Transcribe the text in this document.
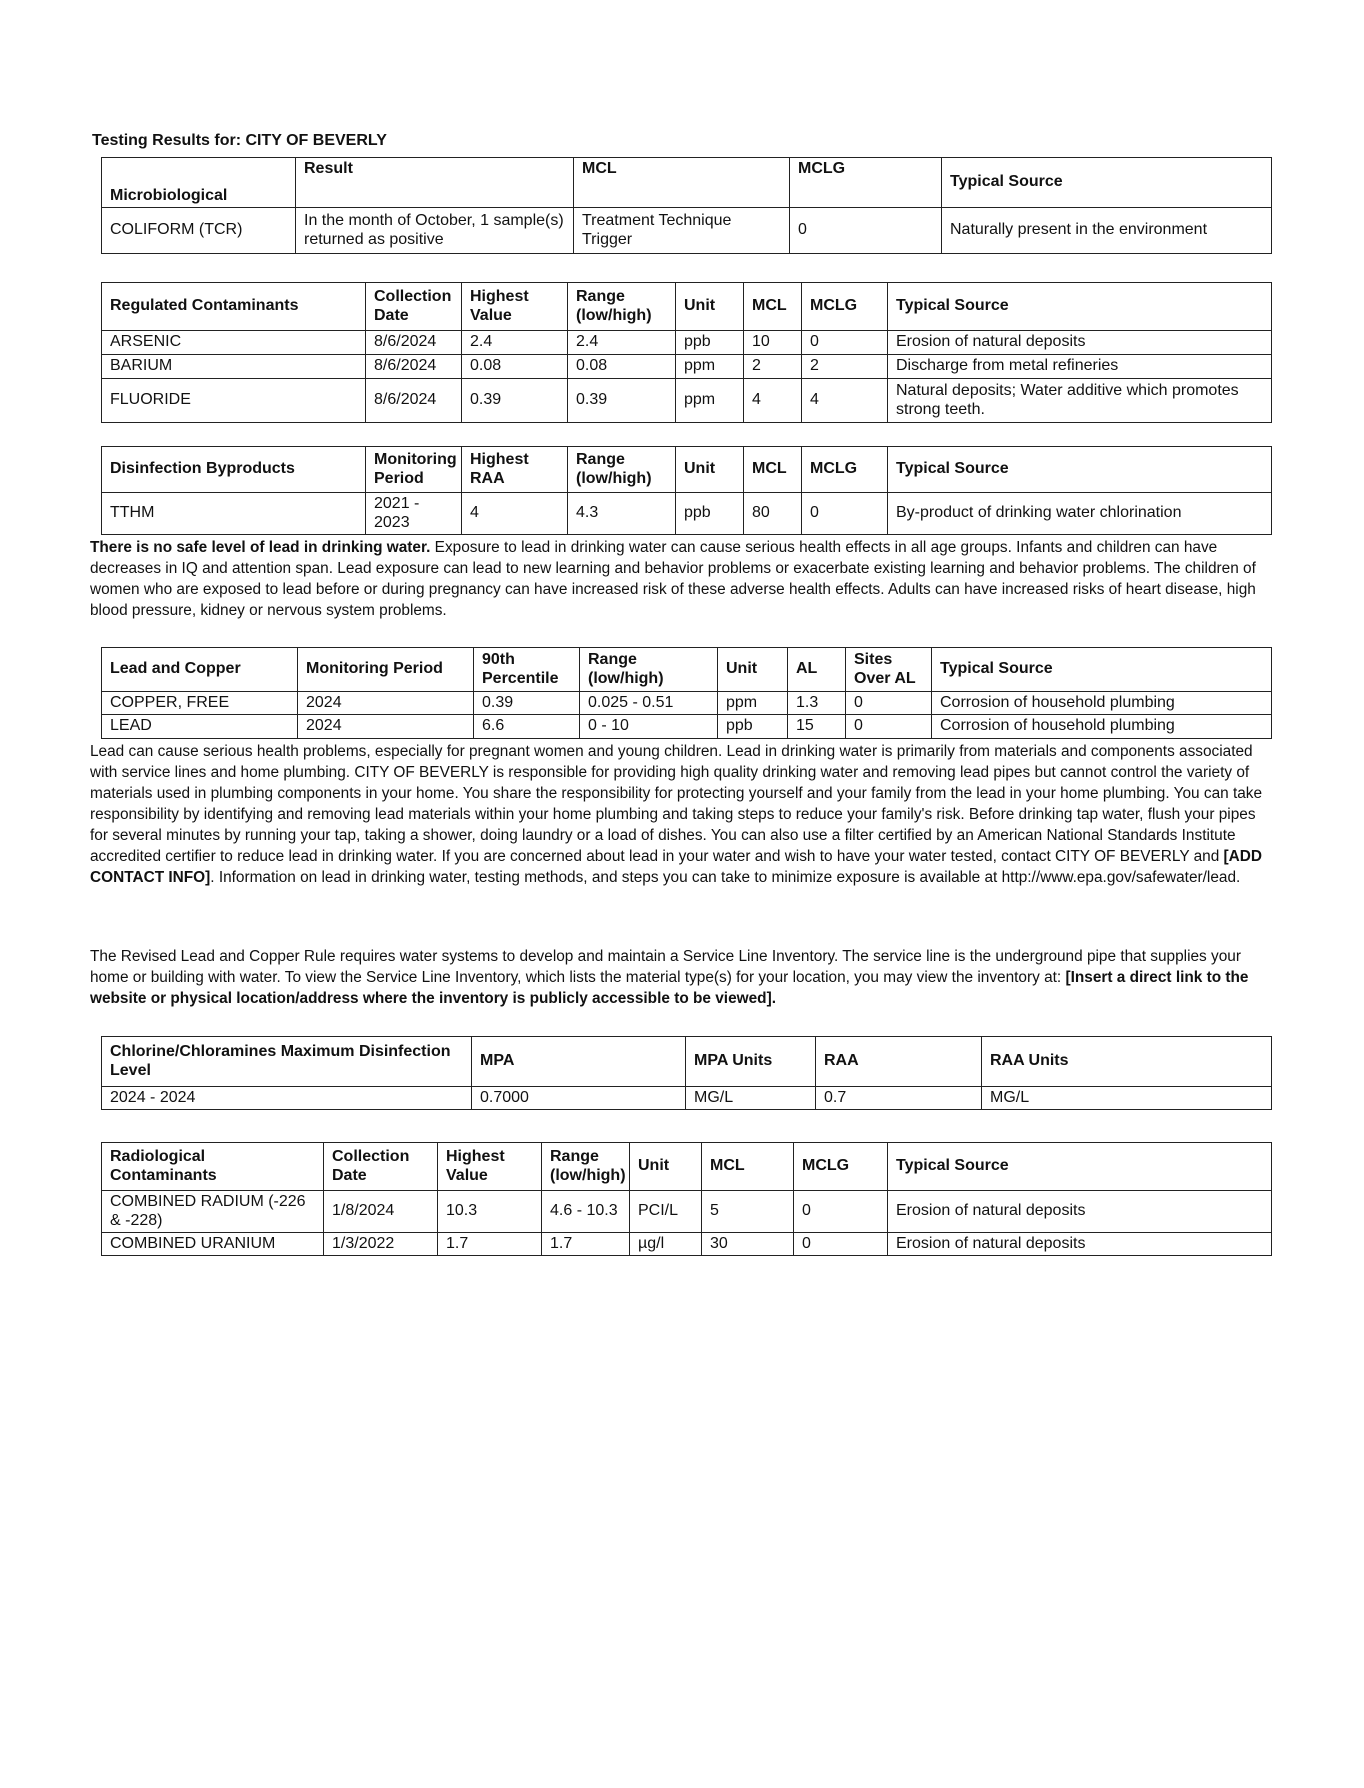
Testing Results for: CITY OF BEVERLY
Microbiological	Result	MCL	MCLG	Typical Source
COLIFORM (TCR)	In the month of October, 1 sample(s) returned as positive	Treatment Technique Trigger	0	Naturally present in the environment
Regulated Contaminants	Collection Date	Highest Value	Range (low/high)	Unit	MCL	MCLG	Typical Source
ARSENIC	8/6/2024	2.4	2.4	ppb	10	0	Erosion of natural deposits
BARIUM	8/6/2024	0.08	0.08	ppm	2	2	Discharge from metal refineries
FLUORIDE	8/6/2024	0.39	0.39	ppm	4	4	Natural deposits; Water additive which promotes strong teeth.
Disinfection Byproducts	Monitoring Period	Highest RAA	Range (low/high)	Unit	MCL	MCLG	Typical Source
TTHM	2021 - 2023	4	4.3	ppb	80	0	By-product of drinking water chlorination
There is no safe level of lead in drinking water. Exposure to lead in drinking water can cause serious health effects in all age groups. Infants and children can have decreases in IQ and attention span. Lead exposure can lead to new learning and behavior problems or exacerbate existing learning and behavior problems. The children of women who are exposed to lead before or during pregnancy can have increased risk of these adverse health effects. Adults can have increased risks of heart disease, high blood pressure, kidney or nervous system problems.
Lead and Copper	Monitoring Period	90th Percentile	Range (low/high)	Unit	AL	Sites Over AL	Typical Source
COPPER, FREE	2024	0.39	0.025 - 0.51	ppm	1.3	0	Corrosion of household plumbing
LEAD	2024	6.6	0 - 10	ppb	15	0	Corrosion of household plumbing
Lead can cause serious health problems, especially for pregnant women and young children. Lead in drinking water is primarily from materials and components associated with service lines and home plumbing. CITY OF BEVERLY is responsible for providing high quality drinking water and removing lead pipes but cannot control the variety of materials used in plumbing components in your home. You share the responsibility for protecting yourself and your family from the lead in your home plumbing. You can take responsibility by identifying and removing lead materials within your home plumbing and taking steps to reduce your family's risk. Before drinking tap water, flush your pipes for several minutes by running your tap, taking a shower, doing laundry or a load of dishes. You can also use a filter certified by an American National Standards Institute accredited certifier to reduce lead in drinking water. If you are concerned about lead in your water and wish to have your water tested, contact CITY OF BEVERLY and [ADD CONTACT INFO]. Information on lead in drinking water, testing methods, and steps you can take to minimize exposure is available at http://www.epa.gov/safewater/lead.
The Revised Lead and Copper Rule requires water systems to develop and maintain a Service Line Inventory. The service line is the underground pipe that supplies your home or building with water. To view the Service Line Inventory, which lists the material type(s) for your location, you may view the inventory at: [Insert a direct link to the website or physical location/address where the inventory is publicly accessible to be viewed].
Chlorine/Chloramines Maximum Disinfection Level	MPA	MPA Units	RAA	RAA Units
2024 - 2024	0.7000	MG/L	0.7	MG/L
Radiological Contaminants	Collection Date	Highest Value	Range (low/high)	Unit	MCL	MCLG	Typical Source
COMBINED RADIUM (-226 & -228)	1/8/2024	10.3	4.6 - 10.3	PCI/L	5	0	Erosion of natural deposits
COMBINED URANIUM	1/3/2022	1.7	1.7	µg/l	30	0	Erosion of natural deposits
